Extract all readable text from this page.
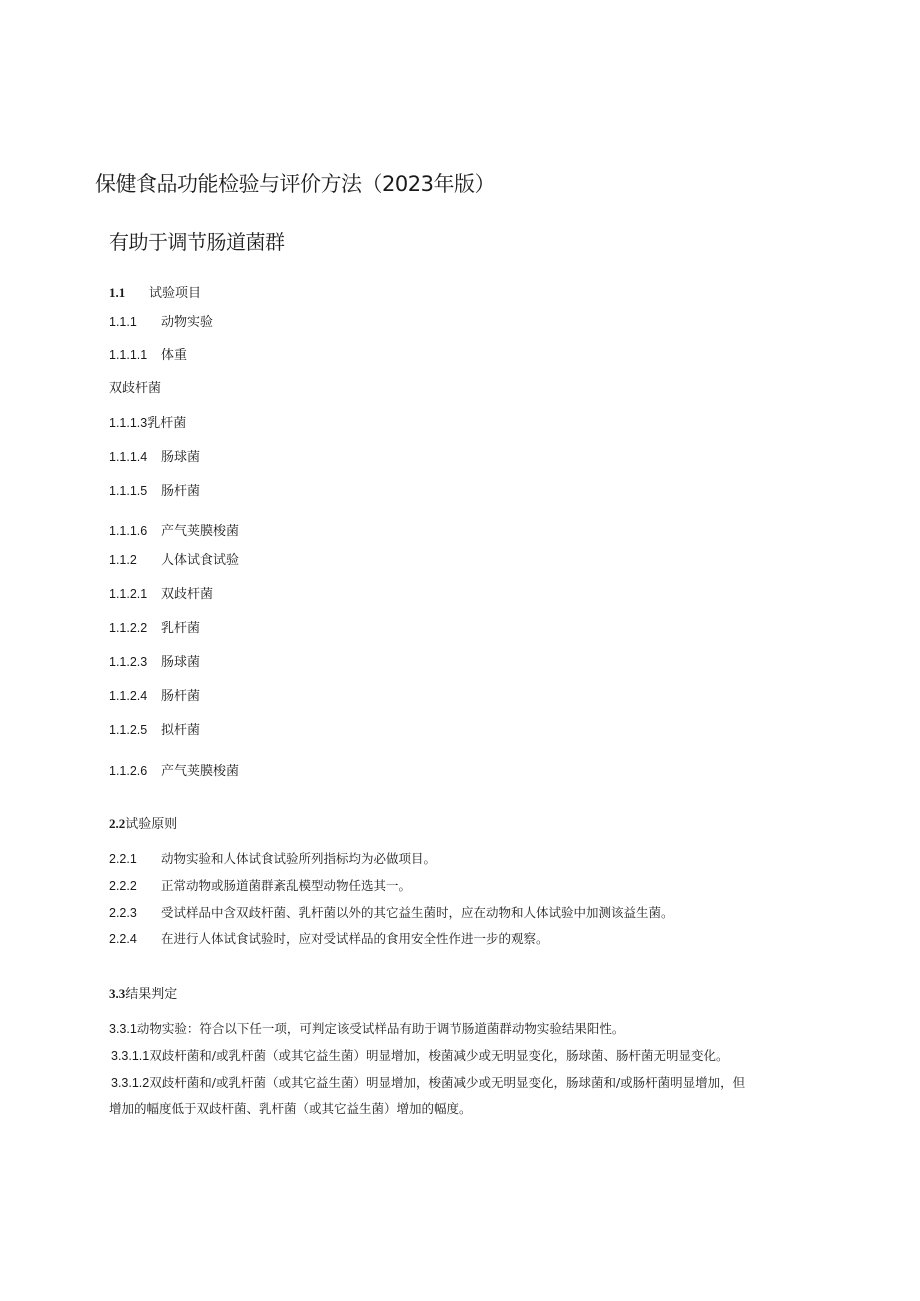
保健食品功能检验与评价方法（2023年版）
有助于调节肠道菌群
1.1	试验项目
1.1.1	动物实验
1.1.1.1	体重
双歧杆菌
1.1.1.3 乳杆菌
1.1.1.4	肠球菌
1.1.1.5	肠杆菌
1.1.1.6	产气荚膜梭菌
1.1.2	人体试食试验
1.1.2.1	双歧杆菌
1.1.2.2	乳杆菌
1.1.2.3	肠球菌
1.1.2.4	肠杆菌
1.1.2.5	拟杆菌
1.1.2.6	产气荚膜梭菌
2.2 试验原则
2.2.1	动物实验和人体试食试验所列指标均为必做项目。
2.2.2	正常动物或肠道菌群紊乱模型动物任选其一。
2.2.3	受试样品中含双歧杆菌、乳杆菌以外的其它益生菌时，应在动物和人体试验中加测该益生菌。
2.2.4	在进行人体试食试验时，应对受试样品的食用安全性作进一步的观察。
3.3 结果判定
3.3.1 动物实验：符合以下任一项，可判定该受试样品有助于调节肠道菌群动物实验结果阳性。
3.3.1.1 双歧杆菌和/或乳杆菌（或其它益生菌）明显增加，梭菌减少或无明显变化，肠球菌、肠杆菌无明显变化。
3.3.1.2 双歧杆菌和/或乳杆菌（或其它益生菌）明显增加，梭菌减少或无明显变化，肠球菌和/或肠杆菌明显增加，但
增加的幅度低于双歧杆菌、乳杆菌（或其它益生菌）增加的幅度。
